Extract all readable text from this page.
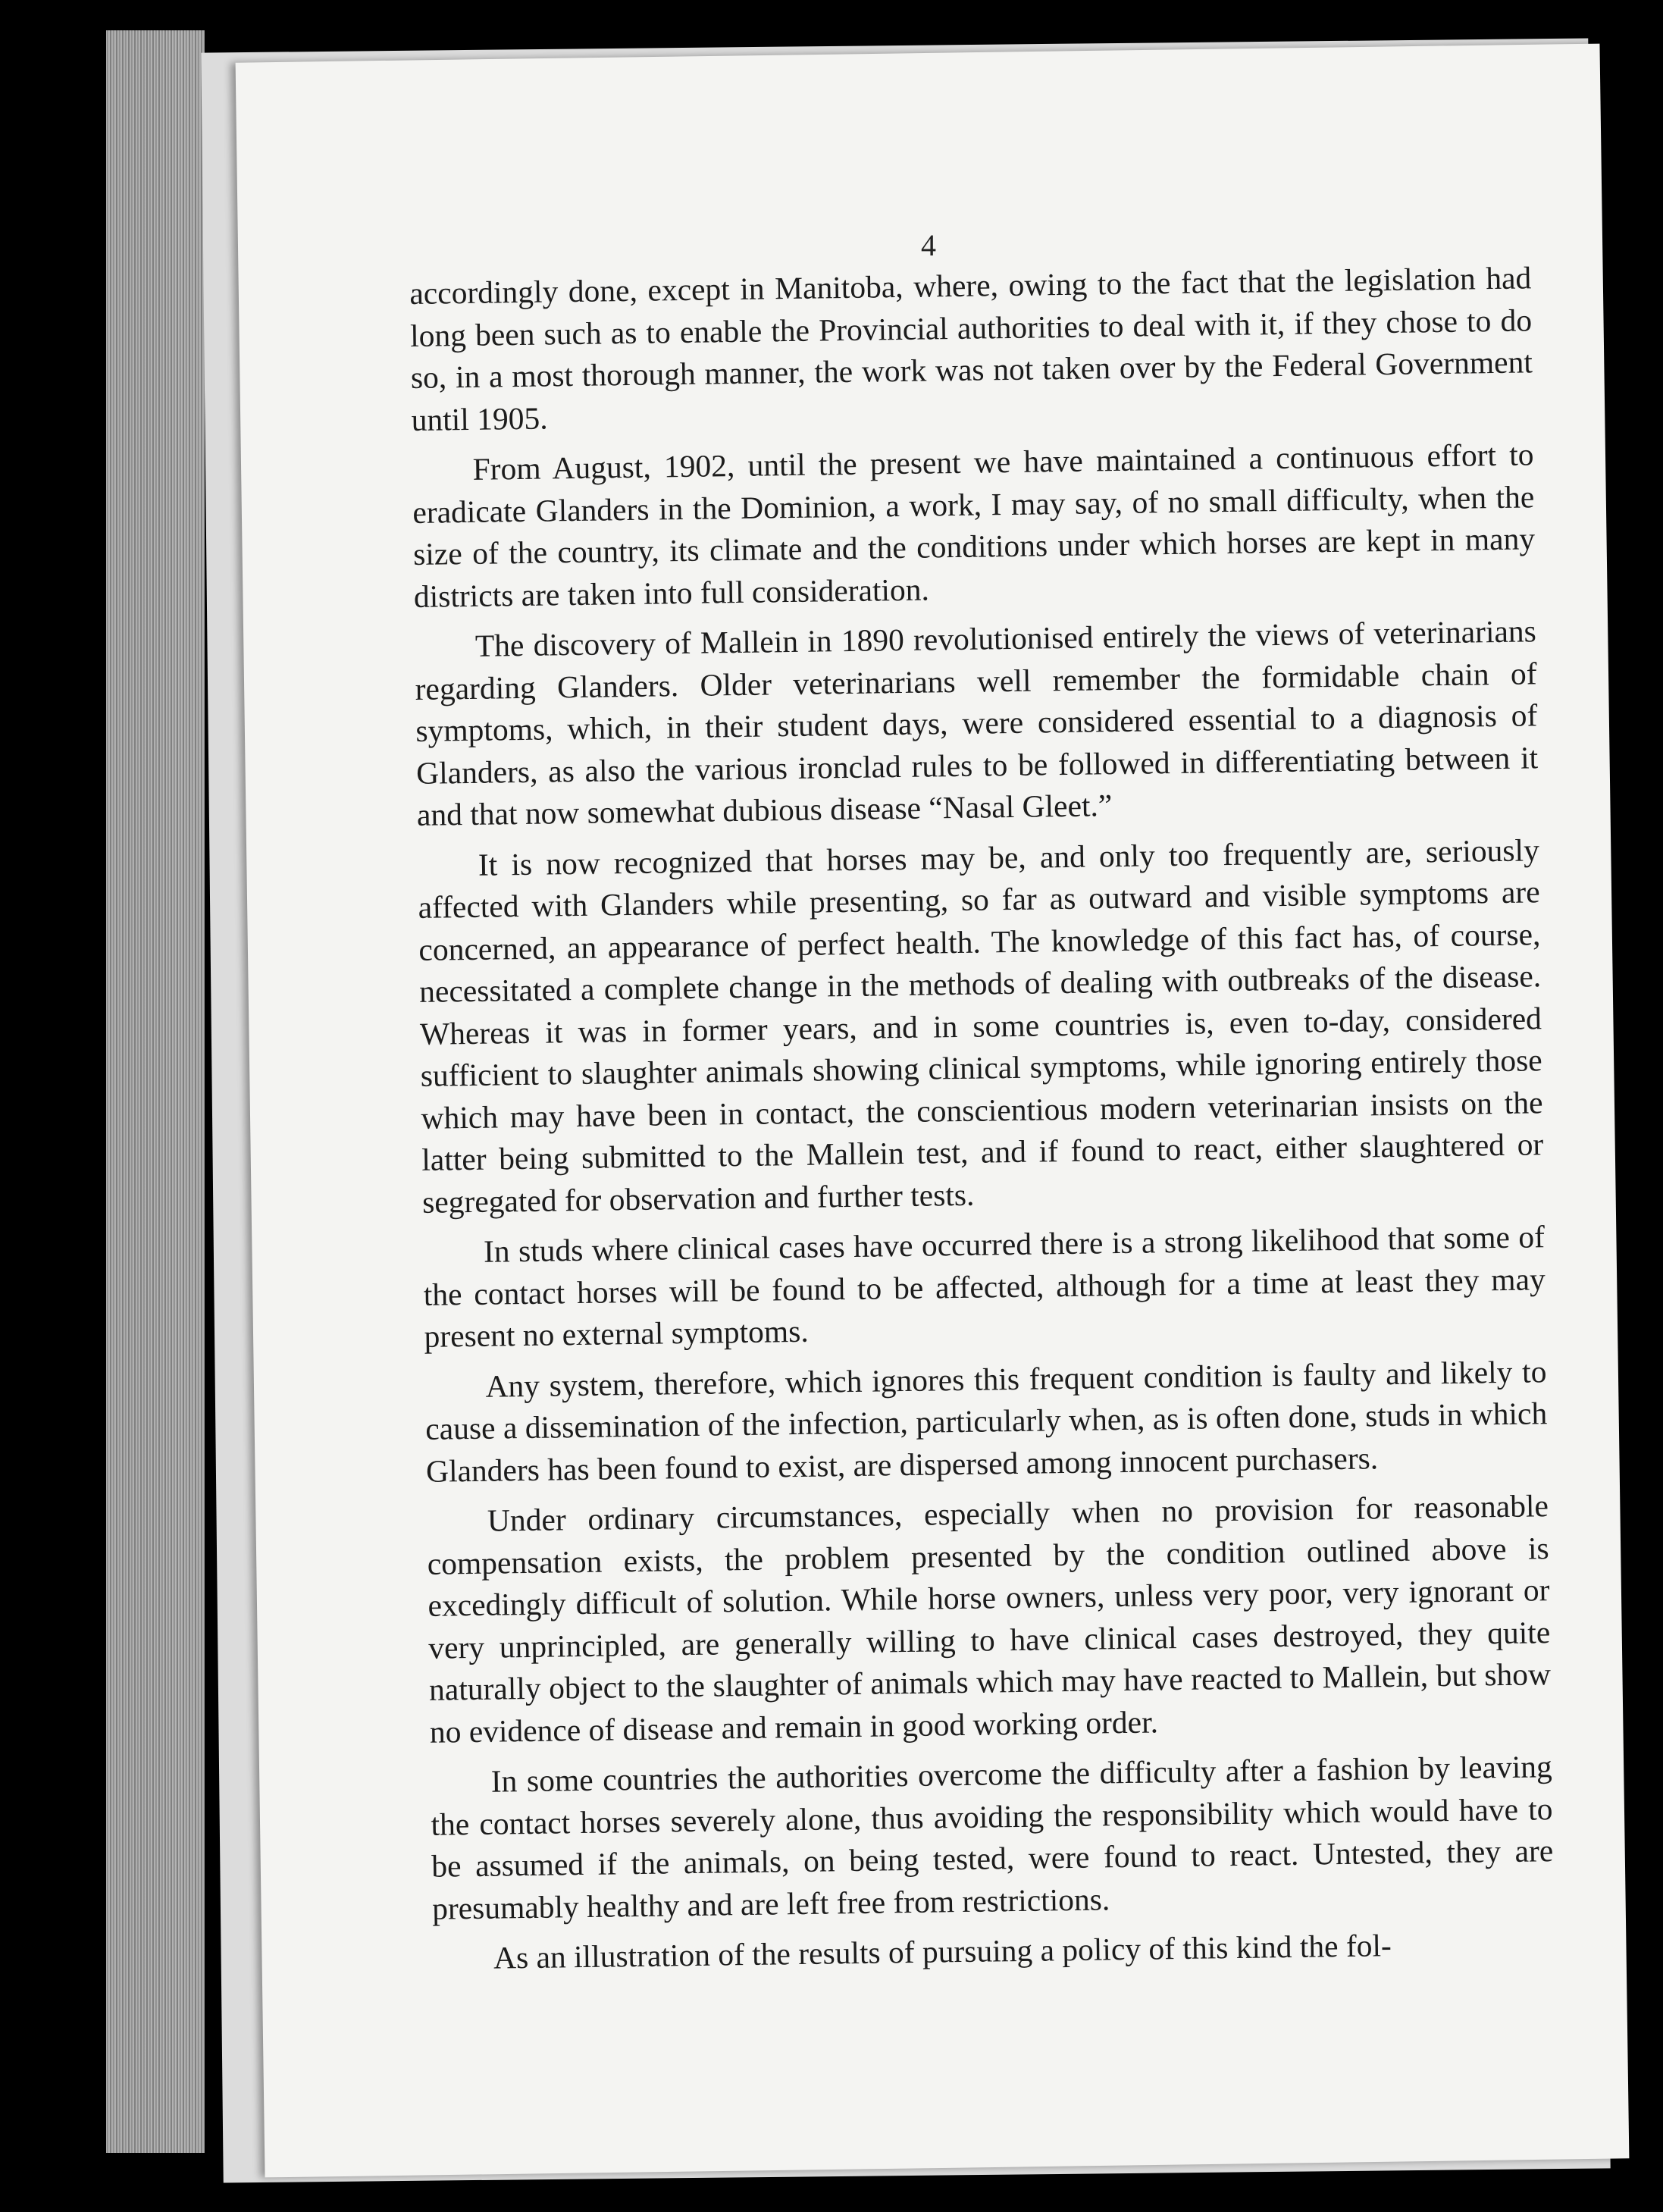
4

accordingly done, except in Manitoba, where, owing to the fact that the legislation had long been such as to enable the Provincial authorities to deal with it, if they chose to do so, in a most thorough manner, the work was not taken over by the Federal Government until 1905.

From August, 1902, until the present we have maintained a continuous effort to eradicate Glanders in the Dominion, a work, I may say, of no small difficulty, when the size of the country, its climate and the conditions under which horses are kept in many districts are taken into full consideration.

The discovery of Mallein in 1890 revolutionised entirely the views of veterinarians regarding Glanders. Older veterinarians well remember the formidable chain of symptoms, which, in their student days, were considered essential to a diagnosis of Glanders, as also the various ironclad rules to be followed in differentiating between it and that now somewhat dubious disease “Nasal Gleet.”

It is now recognized that horses may be, and only too frequently are, seriously affected with Glanders while presenting, so far as outward and visible symptoms are concerned, an appearance of perfect health. The knowledge of this fact has, of course, necessitated a complete change in the methods of dealing with outbreaks of the disease. Whereas it was in former years, and in some countries is, even to-day, considered sufficient to slaughter animals showing clinical symptoms, while ignoring entirely those which may have been in contact, the conscientious modern veterinarian insists on the latter being submitted to the Mallein test, and if found to react, either slaughtered or segregated for observation and further tests.

In studs where clinical cases have occurred there is a strong likelihood that some of the contact horses will be found to be affected, although for a time at least they may present no external symptoms.

Any system, therefore, which ignores this frequent condition is faulty and likely to cause a dissemination of the infection, particularly when, as is often done, studs in which Glanders has been found to exist, are dispersed among innocent purchasers.

Under ordinary circumstances, especially when no provision for reasonable compensation exists, the problem presented by the condition outlined above is excedingly difficult of solution. While horse owners, unless very poor, very ignorant or very unprincipled, are generally willing to have clinical cases destroyed, they quite naturally object to the slaughter of animals which may have reacted to Mallein, but show no evidence of disease and remain in good working order.

In some countries the authorities overcome the difficulty after a fashion by leaving the contact horses severely alone, thus avoiding the responsibility which would have to be assumed if the animals, on being tested, were found to react. Untested, they are presumably healthy and are left free from restrictions.

As an illustration of the results of pursuing a policy of this kind the fol-
